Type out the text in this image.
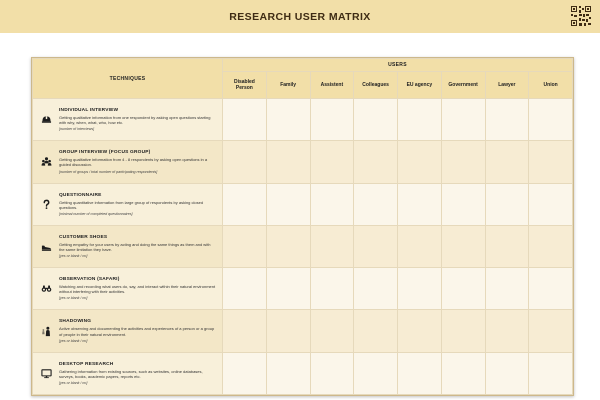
RESEARCH USER MATRIX
TECHNIQUES	USERS							
	Disabled Person	Family	Assistent	Colleagues	EU agency	Government	Lawyer	Union

INDIVIDUAL INTERVIEW
Getting qualitative information from one respondent by asking open questions starting with why, when, what, who, how etc.
[number of interviews]								

GROUP INTERVIEW (FOCUS GROUP)
Getting qualitative information from 4 - 8 respondents by asking open questions in a guided discussion.
[number of groups / total number of participating respondents]								

QUESTIONNAIRE
Getting quantitative information from large group of respondents by asking closed questions.
[minimal number of completed questionnaires]								

CUSTOMER SHOES
Getting empathy for your users by acting and doing the same things as them and with the same limitation they have.
[yes or blank / no]								

OBSERVATION (SAFARI)
Watching and recording what users do, say, and interact within their natural environment without interfering with their activities.
[yes or blank / no]								

SHADOWING
Active observing and documenting the activities and experiences of a person or a group of people in their natural environment.
[yes or blank / no]								

DESKTOP RESEARCH
Gathering information from existing sources, such as websites, online databases, surveys, books, academic papers, reports etc.
[yes or blank / no]								
